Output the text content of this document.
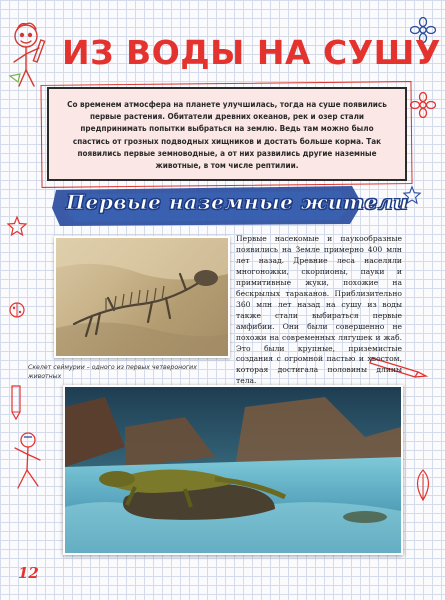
ИЗ ВОДЫ НА СУШУ

Со временем атмосфера на планете улучшилась, тогда на суше появились первые растения. Обитатели древних океанов, рек и озер стали предпринимать попытки выбраться на землю. Ведь там можно было спастись от грозных подводных хищников и достать больше корма. Так появились первые земноводные, а от них развились другие наземные животные, в том числе рептилии.

Первые наземные жители

Скелет сеймурии – одного из первых четвероногих животных

Первые насекомые и паукообразные появились на Земле примерно 400 млн лет назад. Древние леса населяли многоножки, скорпионы, пауки и примитивные жуки, похожие на бескрылых тараканов. Приблизительно 360 млн лет назад на сушу из воды также стали выбираться первые амфибии. Они были совершенно не похожи на современных лягушек и жаб. Это были крупные, приземистые создания с огромной пастью и хвостом, которая достигала половины длины тела.

12
